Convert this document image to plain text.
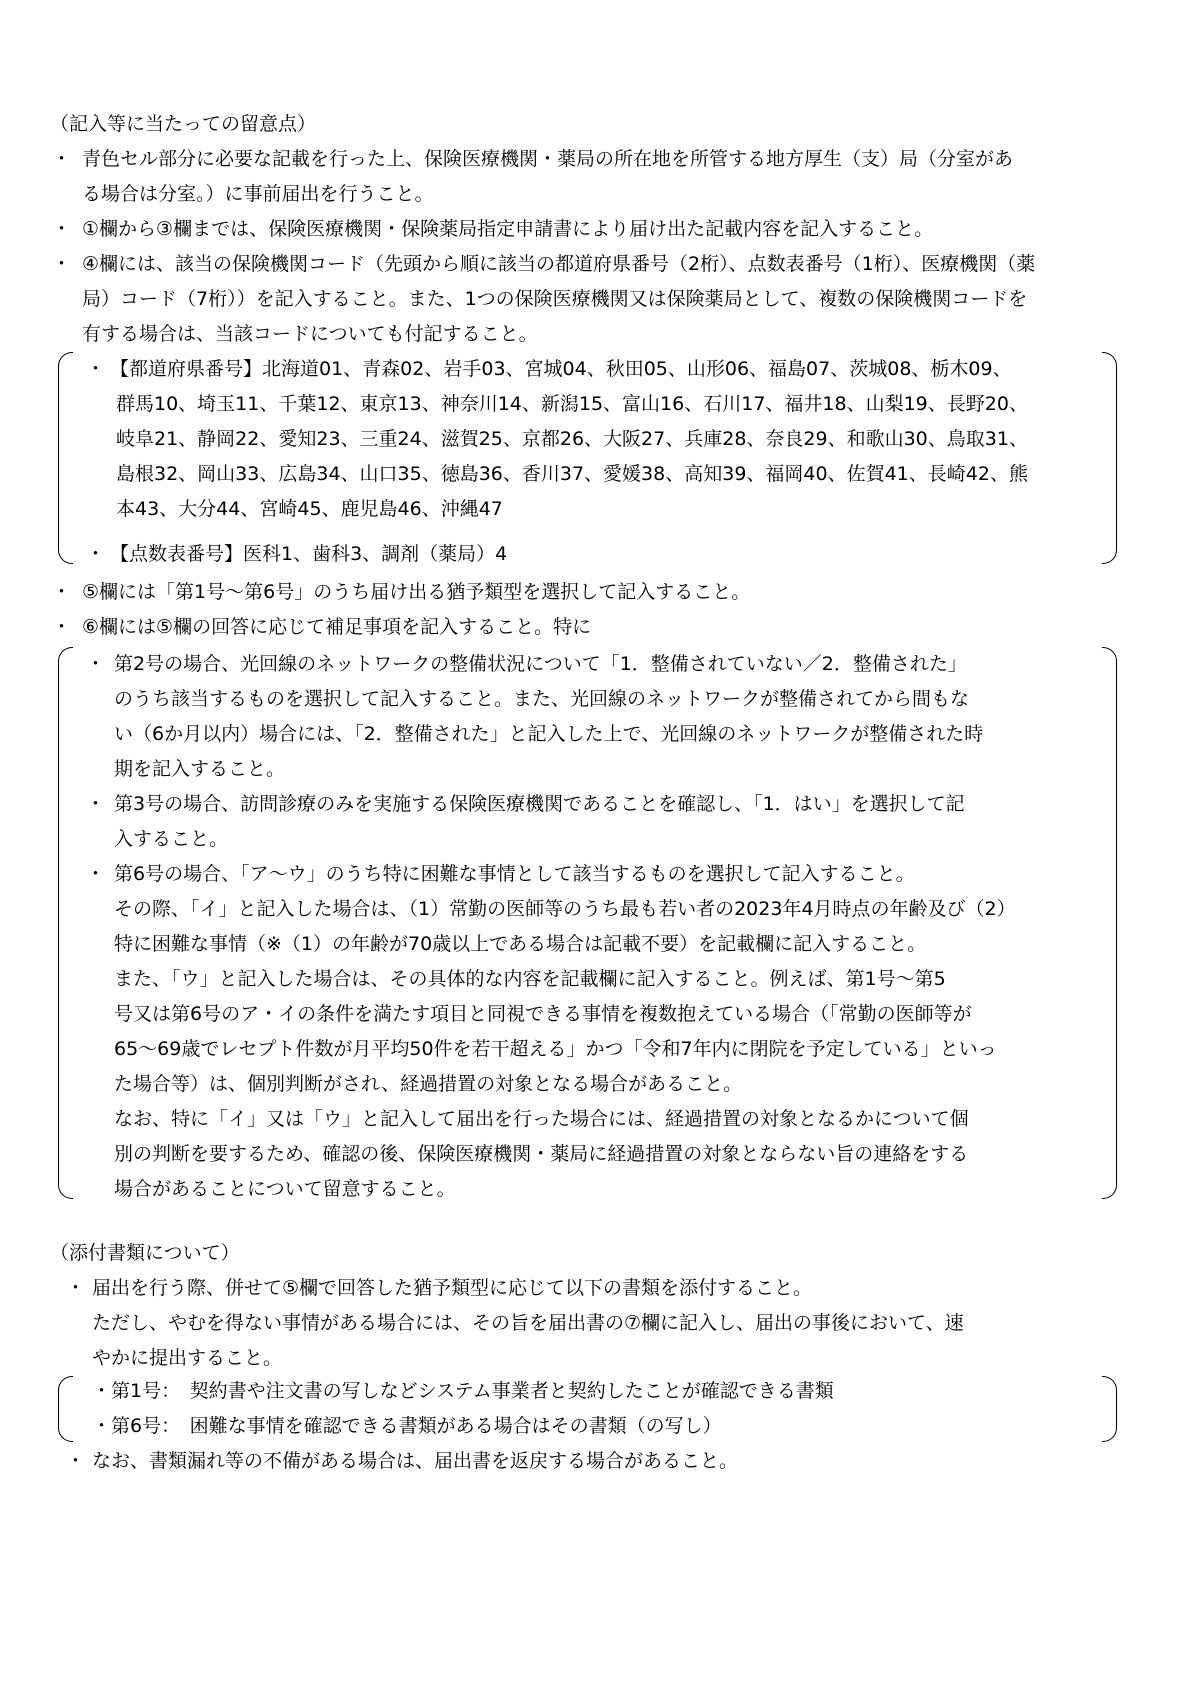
（記入等に当たっての留意点）
・ 青色セル部分に必要な記載を行った上、保険医療機関・薬局の所在地を所管する地方厚生（支）局（分室があ
る場合は分室。）に事前届出を行うこと。
・ ①欄から③欄までは、保険医療機関・保険薬局指定申請書により届け出た記載内容を記入すること。
・ ④欄には、該当の保険機関コード（先頭から順に該当の都道府県番号（2桁）、点数表番号（1桁）、医療機関（薬
局）コード（7桁））を記入すること。また、1つの保険医療機関又は保険薬局として、複数の保険機関コードを
有する場合は、当該コードについても付記すること。
・ 【都道府県番号】北海道01、青森02、岩手03、宮城04、秋田05、山形06、福島07、茨城08、栃木09、
群馬10、埼玉11、千葉12、東京13、神奈川14、新潟15、富山16、石川17、福井18、山梨19、長野20、
岐阜21、静岡22、愛知23、三重24、滋賀25、京都26、大阪27、兵庫28、奈良29、和歌山30、鳥取31、
島根32、岡山33、広島34、山口35、徳島36、香川37、愛媛38、高知39、福岡40、佐賀41、長崎42、熊
本43、大分44、宮崎45、鹿児島46、沖縄47
・ 【点数表番号】医科1、歯科3、調剤（薬局）4
・ ⑤欄には「第1号～第6号」のうち届け出る猶予類型を選択して記入すること。
・ ⑥欄には⑤欄の回答に応じて補足事項を記入すること。特に
・ 第2号の場合、光回線のネットワークの整備状況について「1．整備されていない／2．整備された」
のうち該当するものを選択して記入すること。また、光回線のネットワークが整備されてから間もな
い（6か月以内）場合には、「2．整備された」と記入した上で、光回線のネットワークが整備された時
期を記入すること。
・ 第3号の場合、訪問診療のみを実施する保険医療機関であることを確認し、「1．はい」を選択して記
入すること。
・ 第6号の場合、「ア～ウ」のうち特に困難な事情として該当するものを選択して記入すること。
その際、「イ」と記入した場合は、（1）常勤の医師等のうち最も若い者の2023年4月時点の年齢及び（2）
特に困難な事情（※（1）の年齢が70歳以上である場合は記載不要）を記載欄に記入すること。
また、「ウ」と記入した場合は、その具体的な内容を記載欄に記入すること。例えば、第1号～第5
号又は第6号のア・イの条件を満たす項目と同視できる事情を複数抱えている場合（「常勤の医師等が
65～69歳でレセプト件数が月平均50件を若干超える」かつ「令和7年内に閉院を予定している」といっ
た場合等）は、個別判断がされ、経過措置の対象となる場合があること。
なお、特に「イ」又は「ウ」と記入して届出を行った場合には、経過措置の対象となるかについて個
別の判断を要するため、確認の後、保険医療機関・薬局に経過措置の対象とならない旨の連絡をする
場合があることについて留意すること。
（添付書類について）
・ 届出を行う際、併せて⑤欄で回答した猶予類型に応じて以下の書類を添付すること。
ただし、やむを得ない事情がある場合には、その旨を届出書の⑦欄に記入し、届出の事後において、速
やかに提出すること。
・第1号：　契約書や注文書の写しなどシステム事業者と契約したことが確認できる書類
・第6号：　困難な事情を確認できる書類がある場合はその書類（の写し）
・ なお、書類漏れ等の不備がある場合は、届出書を返戻する場合があること。
